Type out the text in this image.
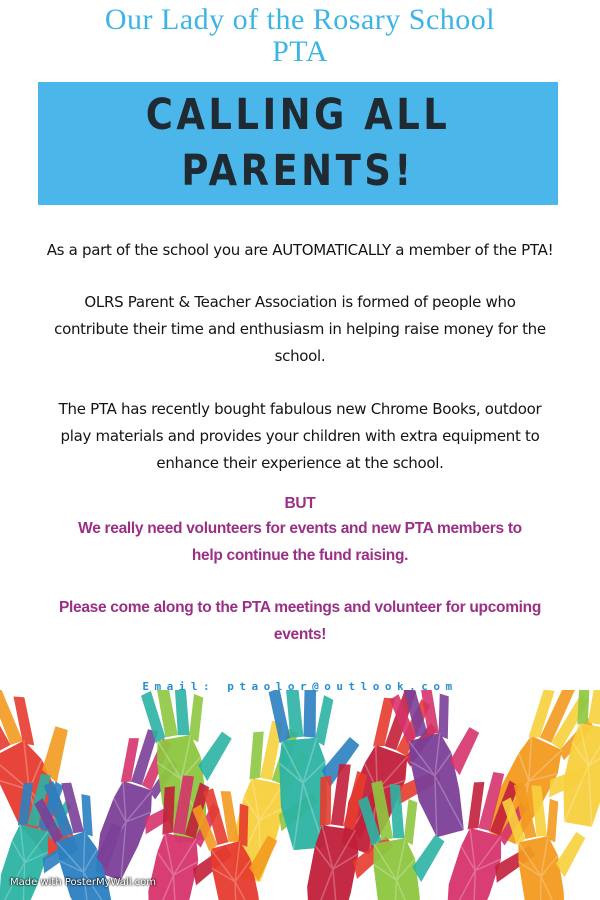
Our Lady of the Rosary School
PTA
CALLING ALL
PARENTS!
As a part of the school you are AUTOMATICALLY a member of the PTA!
OLRS Parent & Teacher Association is formed of people who
contribute their time and enthusiasm in helping raise money for the
school.
The PTA has recently bought fabulous new Chrome Books, outdoor
play materials and provides your children with extra equipment to
enhance their experience at the school.
BUT
We really need volunteers for events and new PTA members to
help continue the fund raising.
Please come along to the PTA meetings and volunteer for upcoming
events!
Email: ptaolor@outlook.com
Made with PosterMyWall.com
